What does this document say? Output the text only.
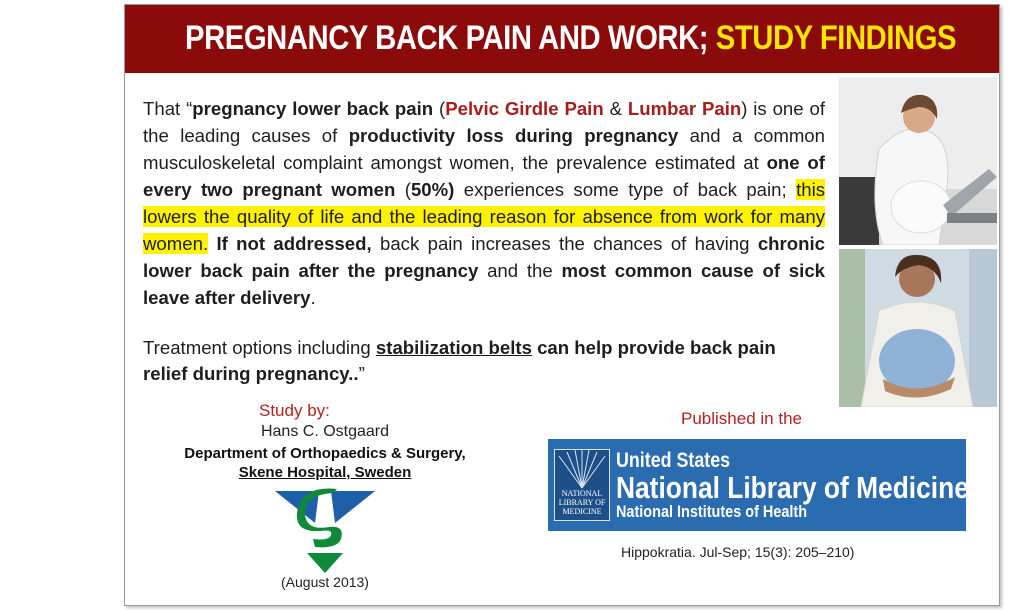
PREGNANCY BACK PAIN AND WORK; STUDY FINDINGS
That “pregnancy lower back pain (Pelvic Girdle Pain & Lumbar Pain) is one of the leading causes of productivity loss during pregnancy and a common musculoskeletal complaint amongst women, the prevalence estimated at one of every two pregnant women (50%) experiences some type of back pain; this lowers the quality of life and the leading reason for absence from work for many women. If not addressed, back pain increases the chances of having chronic lower back pain after the pregnancy and the most common cause of sick leave after delivery.
Treatment options including stabilization belts can help provide back pain relief during pregnancy..”
Study by:
Hans C. Ostgaard
Department of Orthopaedics & Surgery,
Skene Hospital, Sweden
(August 2013)
Published in the
NATIONAL
LIBRARY OF
MEDICINE
United States
National Library of Medicine
National Institutes of Health
Hippokratia. Jul-Sep; 15(3): 205–210)
